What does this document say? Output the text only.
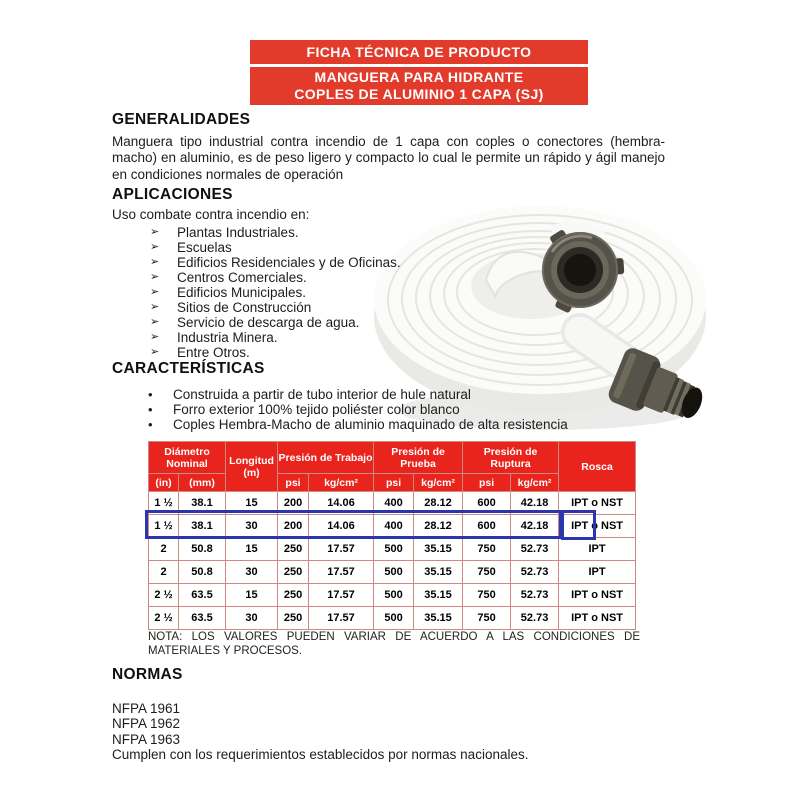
FICHA TÉCNICA DE PRODUCTO
MANGUERA PARA HIDRANTE
COPLES DE ALUMINIO 1 CAPA (SJ)
GENERALIDADES

Manguera tipo industrial contra incendio de 1 capa con coples o conectores (hembra-macho) en aluminio, es de peso ligero y compacto lo cual le permite un rápido y ágil manejo en condiciones normales de operación

APLICACIONES

Uso combate contra incendio en:

➢	Plantas Industriales.
➢	Escuelas
➢	Edificios Residenciales y de Oficinas.
➢	Centros Comerciales.
➢	Edificios Municipales.
➢	Sitios de Construcción
➢	Servicio de descarga de agua.
➢	Industria Minera.
➢	Entre Otros.
CARACTERÍSTICAS
•	Construida a partir de tubo interior de hule natural
•	Forro exterior 100% tejido poliéster color blanco
•	Coples Hembra-Macho de aluminio maquinado de alta resistencia
Diámetro Nominal		Longitud (m)	Presión de Trabajo		Presión de Prueba		Presión de Ruptura		Rosca
(in)	(mm)		psi	kg/cm²	psi	kg/cm²	psi	kg/cm²	
1 ½	38.1	15	200	14.06	400	28.12	600	42.18	IPT o NST
1 ½	38.1	30	200	14.06	400	28.12	600	42.18	IPT o NST
2	50.8	15	250	17.57	500	35.15	750	52.73	IPT
2	50.8	30	250	17.57	500	35.15	750	52.73	IPT
2 ½	63.5	15	250	17.57	500	35.15	750	52.73	IPT o NST
2 ½	63.5	30	250	17.57	500	35.15	750	52.73	IPT o NST

NOTA: LOS VALORES PUEDEN VARIAR DE ACUERDO A LAS CONDICIONES DE MATERIALES Y PROCESOS.

NORMAS
NFPA 1961
NFPA 1962
NFPA 1963

Cumplen con los requerimientos establecidos por normas nacionales.
